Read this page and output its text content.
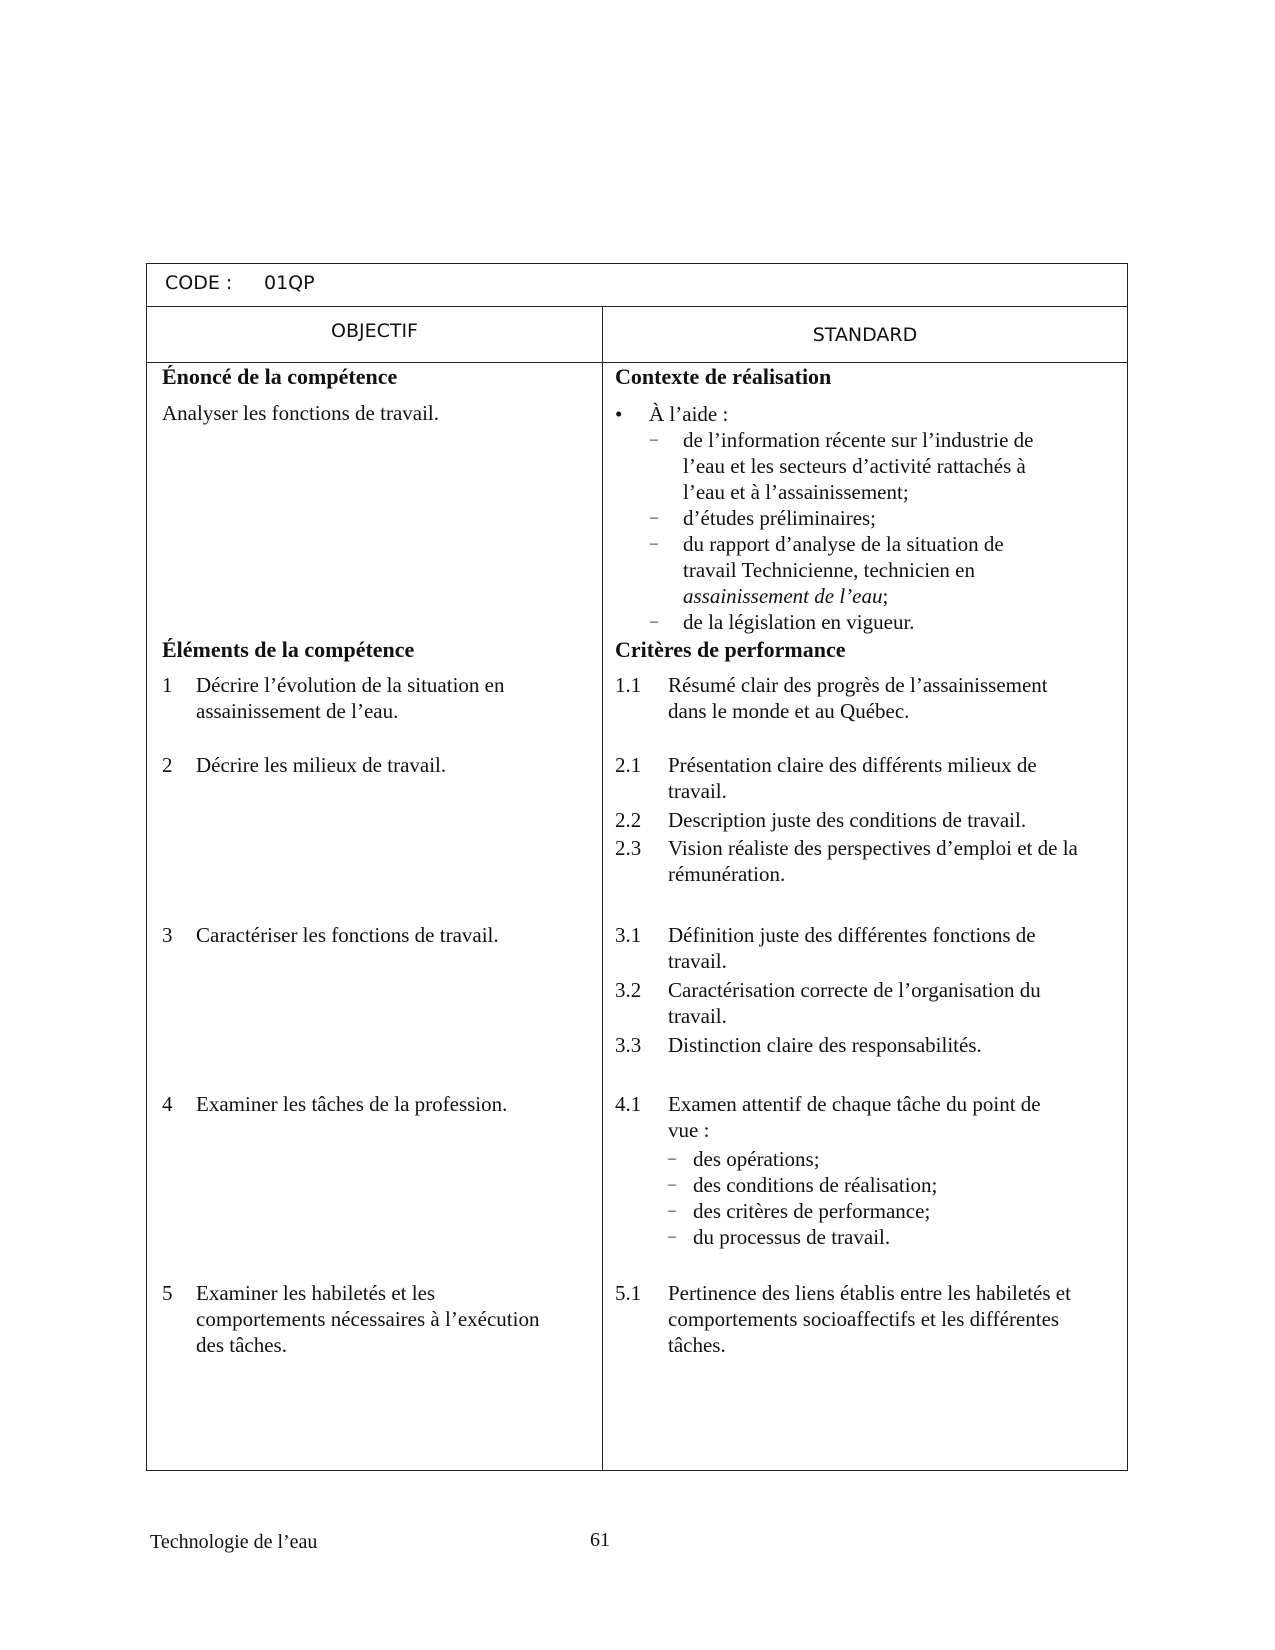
CODE : 01QP
OBJECTIF	STANDARD
Énoncé de la compétence
Analyser les fonctions de travail.
Éléments de la compétence
1 Décrire l’évolution de la situation en
assainissement de l’eau.
2 Décrire les milieux de travail.
3 Caractériser les fonctions de travail.
4 Examiner les tâches de la profession.
5 Examiner les habiletés et les
comportements nécessaires à l’exécution
des tâches.
Contexte de réalisation
• À l’aide :
– de l’information récente sur l’industrie de
l’eau et les secteurs d’activité rattachés à
l’eau et à l’assainissement;
– d’études préliminaires;
– du rapport d’analyse de la situation de
travail Technicienne, technicien en
assainissement de l’eau;
– de la législation en vigueur.
Critères de performance
1.1 Résumé clair des progrès de l’assainissement
dans le monde et au Québec.
2.1 Présentation claire des différents milieux de
travail.
2.2 Description juste des conditions de travail.
2.3 Vision réaliste des perspectives d’emploi et de la
rémunération.
3.1 Définition juste des différentes fonctions de
travail.
3.2 Caractérisation correcte de l’organisation du
travail.
3.3 Distinction claire des responsabilités.
4.1 Examen attentif de chaque tâche du point de
vue :
– des opérations;
– des conditions de réalisation;
– des critères de performance;
– du processus de travail.
5.1 Pertinence des liens établis entre les habiletés et
comportements socioaffectifs et les différentes
tâches.
Technologie de l’eau	61
